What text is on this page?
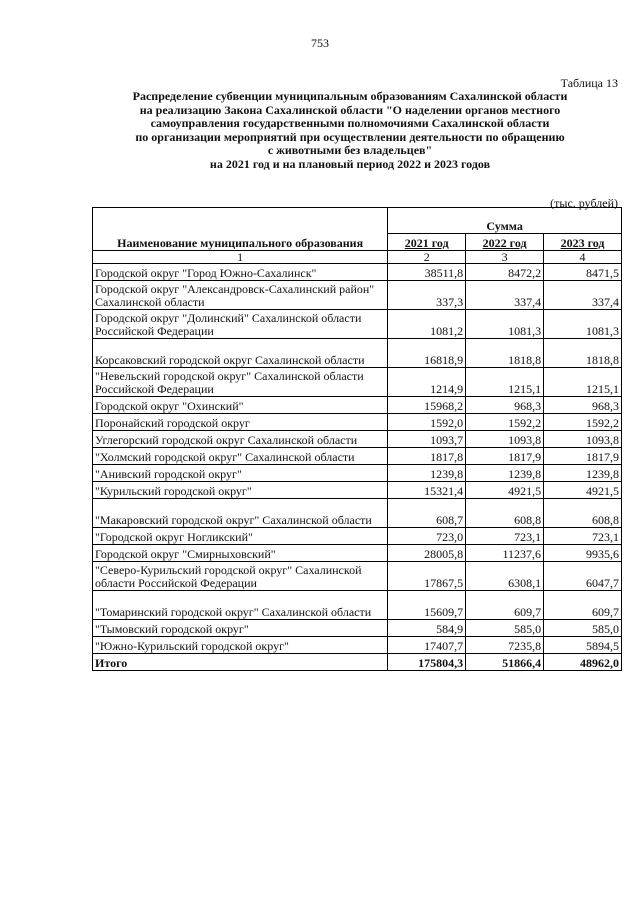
753
Таблица 13
Распределение субвенции муниципальным образованиям Сахалинской области
на реализацию Закона Сахалинской области "О наделении органов местного
самоуправления государственными полномочиями Сахалинской области
по организации мероприятий при осуществлении деятельности по обращению
с животными без владельцев"
на 2021 год и на плановый период 2022 и 2023 годов
(тыс. рублей)
Наименование муниципального образования	Сумма		
	2021 год	2022 год	2023 год
1	2	3	4
Городской округ "Город Южно-Сахалинск"	38511,8	8472,2	8471,5
Городской округ "Александровск-Сахалинский район" Сахалинской области	337,3	337,4	337,4
Городской округ "Долинский" Сахалинской области Российской Федерации	1081,2	1081,3	1081,3
Корсаковский городской округ Сахалинской области	16818,9	1818,8	1818,8
"Невельский городской округ" Сахалинской области Российской Федерации	1214,9	1215,1	1215,1
Городской округ "Охинский"	15968,2	968,3	968,3
Поронайский городской округ	1592,0	1592,2	1592,2
Углегорский городской округ Сахалинской области	1093,7	1093,8	1093,8
"Холмский городской округ" Сахалинской области	1817,8	1817,9	1817,9
"Анивский городской округ"	1239,8	1239,8	1239,8
"Курильский городской округ"	15321,4	4921,5	4921,5
"Макаровский городской округ" Сахалинской области	608,7	608,8	608,8
"Городской округ Ногликский"	723,0	723,1	723,1
Городской округ "Смирныховский"	28005,8	11237,6	9935,6
"Северо-Курильский городской округ" Сахалинской области Российской Федерации	17867,5	6308,1	6047,7
"Томаринский городской округ" Сахалинской области	15609,7	609,7	609,7
"Тымовский городской округ"	584,9	585,0	585,0
"Южно-Курильский городской округ"	17407,7	7235,8	5894,5
Итого	175804,3	51866,4	48962,0
